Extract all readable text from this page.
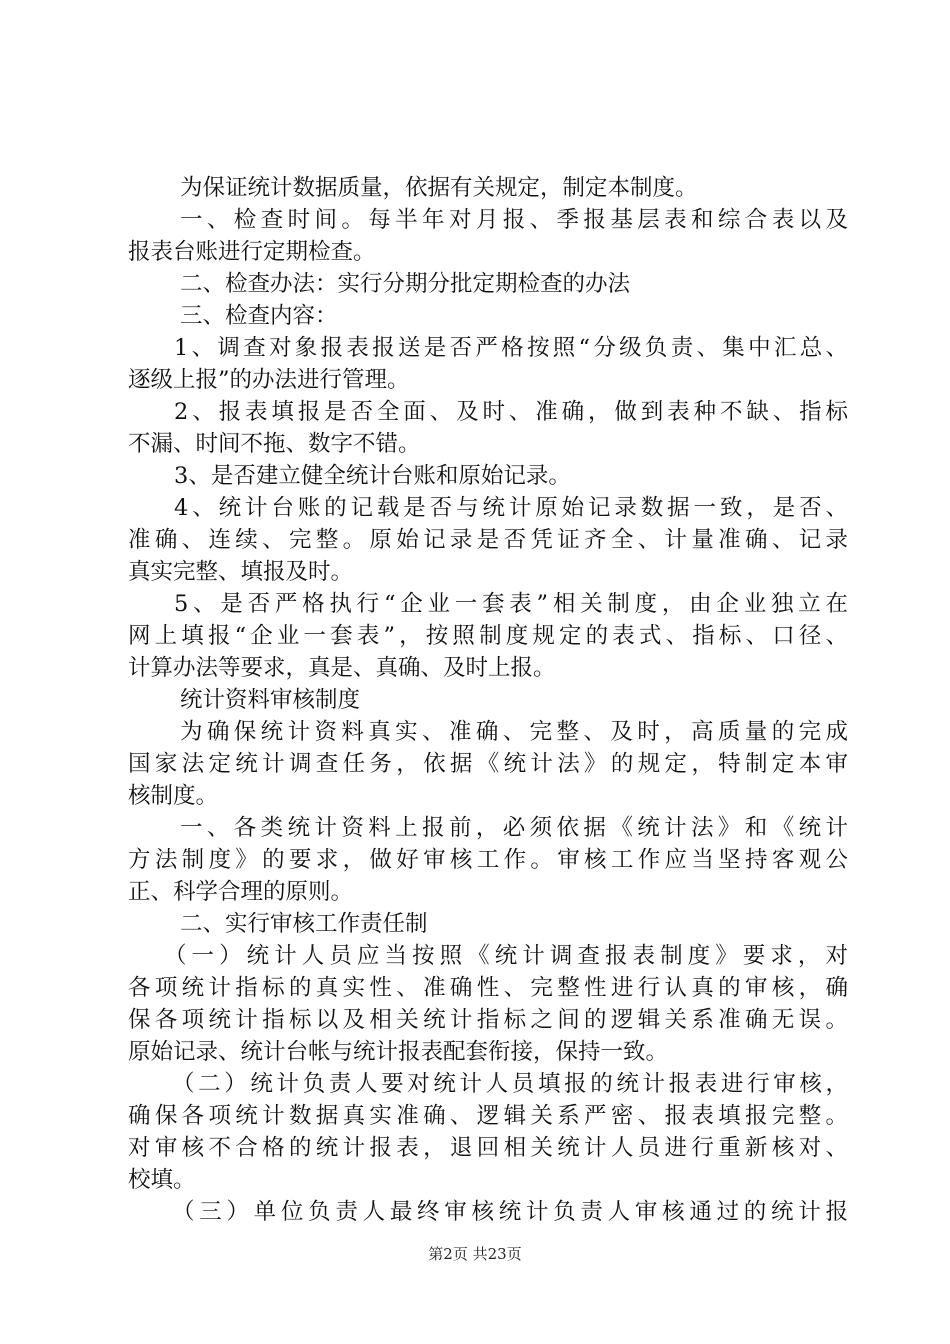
为保证统计数据质量，依据有关规定，制定本制度。
一、检查时间。每半年对月报、季报基层表和综合表以及
报表台账进行定期检查。
二、检查办法：实行分期分批定期检查的办法
三、检查内容：
1、调查对象报表报送是否严格按照“分级负责、集中汇总、
逐级上报”的办法进行管理。
2、报表填报是否全面、及时、准确，做到表种不缺、指标
不漏、时间不拖、数字不错。
3、是否建立健全统计台账和原始记录。
4、统计台账的记载是否与统计原始记录数据一致，是否、
准确、连续、完整。原始记录是否凭证齐全、计量准确、记录
真实完整、填报及时。
5、是否严格执行“企业一套表”相关制度，由企业独立在
网上填报“企业一套表”，按照制度规定的表式、指标、口径、
计算办法等要求，真是、真确、及时上报。
统计资料审核制度
为确保统计资料真实、准确、完整、及时，高质量的完成
国家法定统计调查任务，依据《统计法》的规定，特制定本审
核制度。
一、各类统计资料上报前，必须依据《统计法》和《统计
方法制度》的要求，做好审核工作。审核工作应当坚持客观公
正、科学合理的原则。
二、实行审核工作责任制
（一）统计人员应当按照《统计调查报表制度》要求，对
各项统计指标的真实性、准确性、完整性进行认真的审核，确
保各项统计指标以及相关统计指标之间的逻辑关系准确无误。
原始记录、统计台帐与统计报表配套衔接，保持一致。
（二）统计负责人要对统计人员填报的统计报表进行审核，
确保各项统计数据真实准确、逻辑关系严密、报表填报完整。
对审核不合格的统计报表，退回相关统计人员进行重新核对、
校填。
（三）单位负责人最终审核统计负责人审核通过的统计报
第2页 共23页
